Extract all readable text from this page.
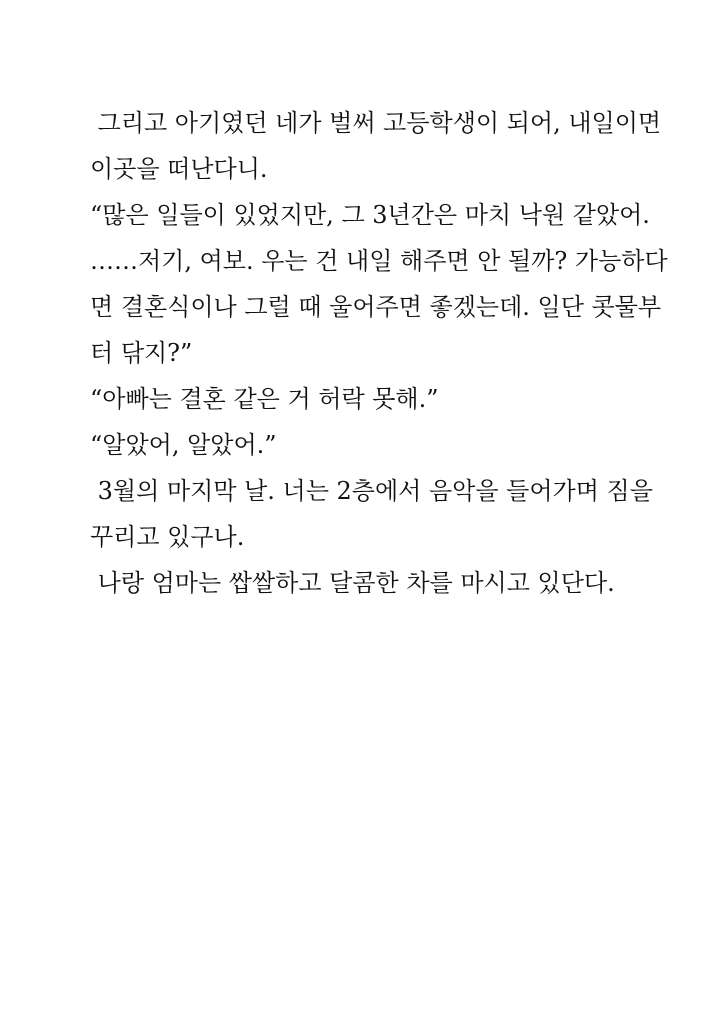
그리고 아기였던 네가 벌써 고등학생이 되어, 내일이면

이곳을 떠난다니.

“많은 일들이 있었지만, 그 3년간은 마치 낙원 같았어.

……저기, 여보. 우는 건 내일 해주면 안 될까? 가능하다

면 결혼식이나 그럴 때 울어주면 좋겠는데. 일단 콧물부

터 닦지?”

“아빠는 결혼 같은 거 허락 못해.”

“알았어, 알았어.”

3월의 마지막 날. 너는 2층에서 음악을 들어가며 짐을

꾸리고 있구나.

나랑 엄마는 쌉쌀하고 달콤한 차를 마시고 있단다.
